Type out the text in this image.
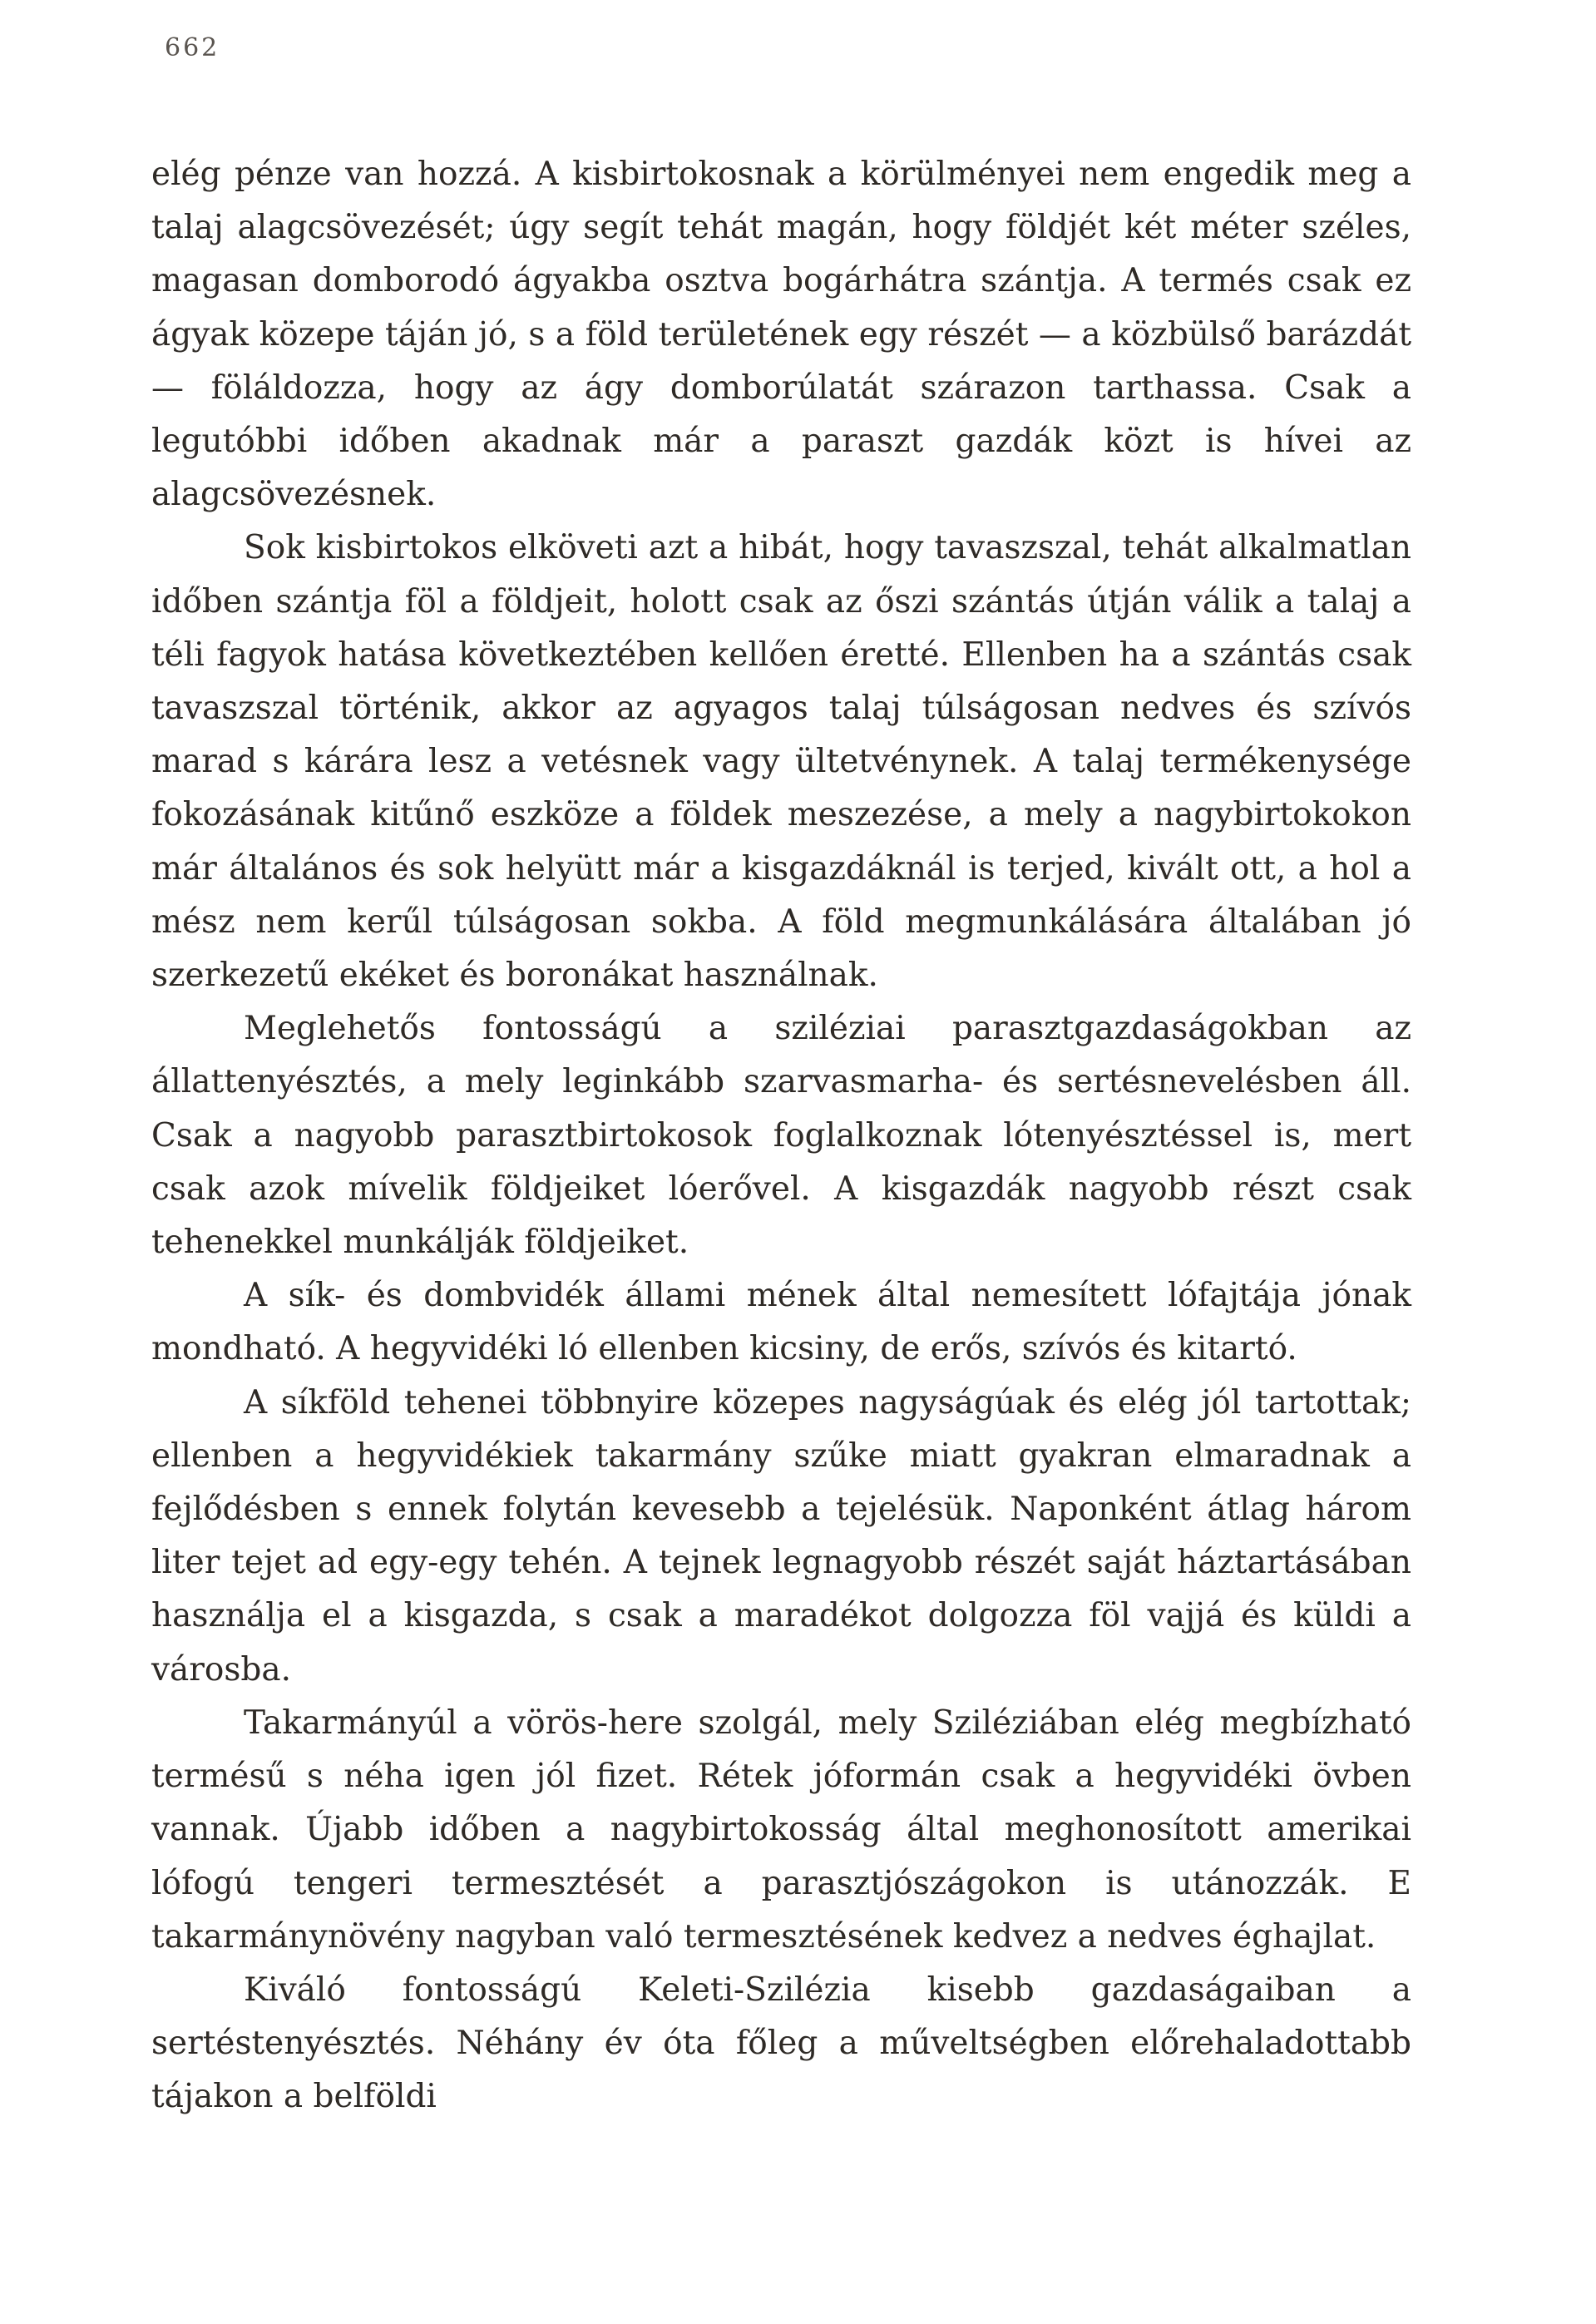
662

elég pénze van hozzá. A kisbirtokosnak a körülményei nem engedik meg a talaj alagcsövezését; úgy segít tehát magán, hogy földjét két méter széles, magasan domborodó ágyakba osztva bogárhátra szántja. A termés csak ez ágyak közepe táján jó, s a föld területének egy részét — a közbülső barázdát — föláldozza, hogy az ágy domborúlatát szárazon tarthassa. Csak a legutóbbi időben akadnak már a paraszt gazdák közt is hívei az alagcsövezésnek.

Sok kisbirtokos elköveti azt a hibát, hogy tavaszszal, tehát alkalmatlan időben szántja föl a földjeit, holott csak az őszi szántás útján válik a talaj a téli fagyok hatása következtében kellően éretté. Ellenben ha a szántás csak tavaszszal történik, akkor az agyagos talaj túlságosan nedves és szívós marad s kárára lesz a vetésnek vagy ültetvénynek. A talaj termékenysége fokozásának kitűnő eszköze a földek meszezése, a mely a nagybirtokokon már általános és sok helyütt már a kisgazdáknál is terjed, kivált ott, a hol a mész nem kerűl túlságosan sokba. A föld megmunkálására általában jó szerkezetű ekéket és boronákat használnak.

Meglehetős fontosságú a sziléziai parasztgazdaságokban az állattenyésztés, a mely leginkább szarvasmarha- és sertésnevelésben áll. Csak a nagyobb parasztbirtokosok foglalkoznak lótenyésztéssel is, mert csak azok mívelik földjeiket lóerővel. A kisgazdák nagyobb részt csak tehenekkel munkálják földjeiket.

A sík- és dombvidék állami mének által nemesített lófajtája jónak mondható. A hegyvidéki ló ellenben kicsiny, de erős, szívós és kitartó.

A síkföld tehenei többnyire közepes nagyságúak és elég jól tartottak; ellenben a hegyvidékiek takarmány szűke miatt gyakran elmaradnak a fejlődésben s ennek folytán kevesebb a tejelésük. Naponként átlag három liter tejet ad egy-egy tehén. A tejnek legnagyobb részét saját háztartásában használja el a kisgazda, s csak a maradékot dolgozza föl vajjá és küldi a városba.

Takarmányúl a vörös-here szolgál, mely Sziléziában elég megbízható termésű s néha igen jól fizet. Rétek jóformán csak a hegyvidéki övben vannak. Újabb időben a nagybirtokosság által meghonosított amerikai lófogú tengeri termesztését a parasztjószágokon is utánozzák. E takarmánynövény nagyban való termesztésének kedvez a nedves éghajlat.

Kiváló fontosságú Keleti-Szilézia kisebb gazdaságaiban a sertéstenyésztés. Néhány év óta főleg a műveltségben előrehaladottabb tájakon a belföldi
